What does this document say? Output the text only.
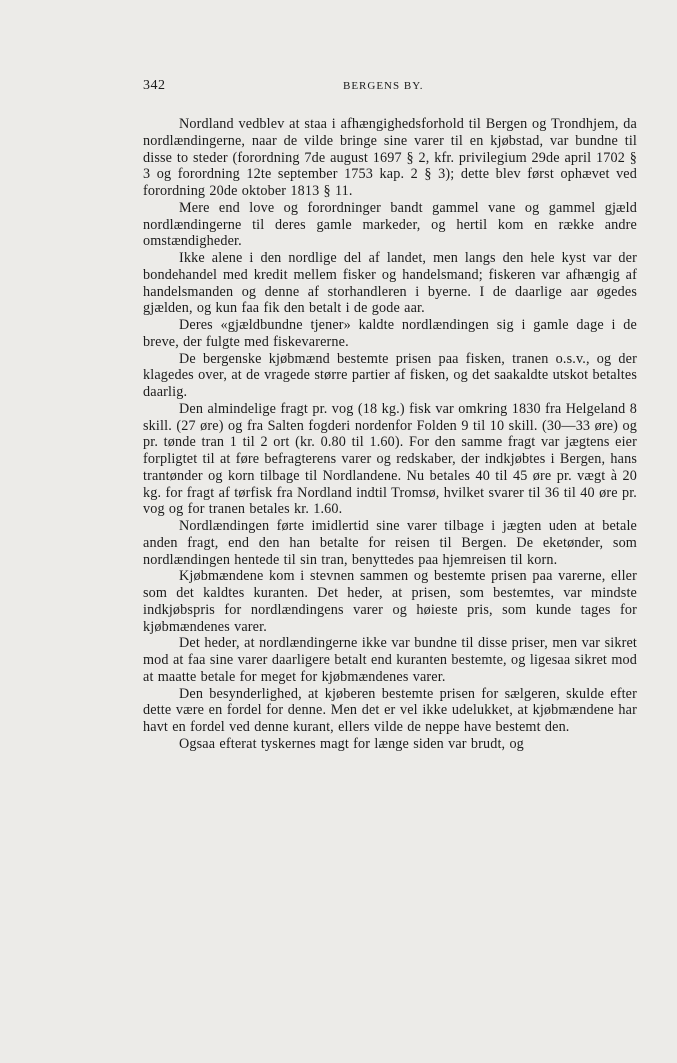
342	BERGENS BY.

Nordland vedblev at staa i afhængighedsforhold til Bergen og Trondhjem, da nordlændingerne, naar de vilde bringe sine varer til en kjøbstad, var bundne til disse to steder (forordning 7de august 1697 § 2, kfr. privilegium 29de april 1702 § 3 og forordning 12te september 1753 kap. 2 § 3); dette blev først ophævet ved forordning 20de oktober 1813 § 11.

Mere end love og forordninger bandt gammel vane og gammel gjæld nordlændingerne til deres gamle markeder, og hertil kom en række andre omstændigheder.

Ikke alene i den nordlige del af landet, men langs den hele kyst var der bondehandel med kredit mellem fisker og handelsmand; fiskeren var afhængig af handelsmanden og denne af storhandleren i byerne. I de daarlige aar øgedes gjælden, og kun faa fik den betalt i de gode aar.

Deres «gjældbundne tjener» kaldte nordlændingen sig i gamle dage i de breve, der fulgte med fiskevarerne.

De bergenske kjøbmænd bestemte prisen paa fisken, tranen o.s.v., og der klagedes over, at de vragede større partier af fisken, og det saakaldte utskot betaltes daarlig.

Den almindelige fragt pr. vog (18 kg.) fisk var omkring 1830 fra Helgeland 8 skill. (27 øre) og fra Salten fogderi nordenfor Folden 9 til 10 skill. (30—33 øre) og pr. tønde tran 1 til 2 ort (kr. 0.80 til 1.60). For den samme fragt var jægtens eier forpligtet til at føre befragterens varer og redskaber, der indkjøbtes i Bergen, hans trantønder og korn tilbage til Nordlandene. Nu betales 40 til 45 øre pr. vægt à 20 kg. for fragt af tørfisk fra Nordland indtil Tromsø, hvilket svarer til 36 til 40 øre pr. vog og for tranen betales kr. 1.60.

Nordlændingen førte imidlertid sine varer tilbage i jægten uden at betale anden fragt, end den han betalte for reisen til Bergen. De eketønder, som nordlændingen hentede til sin tran, benyttedes paa hjemreisen til korn.

Kjøbmændene kom i stevnen sammen og bestemte prisen paa varerne, eller som det kaldtes kuranten. Det heder, at prisen, som bestemtes, var mindste indkjøbspris for nordlændingens varer og høieste pris, som kunde tages for kjøbmændenes varer.

Det heder, at nordlændingerne ikke var bundne til disse priser, men var sikret mod at faa sine varer daarligere betalt end kuranten bestemte, og ligesaa sikret mod at maatte betale for meget for kjøbmændenes varer.

Den besynderlighed, at kjøberen bestemte prisen for sælgeren, skulde efter dette være en fordel for denne. Men det er vel ikke udelukket, at kjøbmændene har havt en fordel ved denne kurant, ellers vilde de neppe have bestemt den.

Ogsaa efterat tyskernes magt for længe siden var brudt, og
